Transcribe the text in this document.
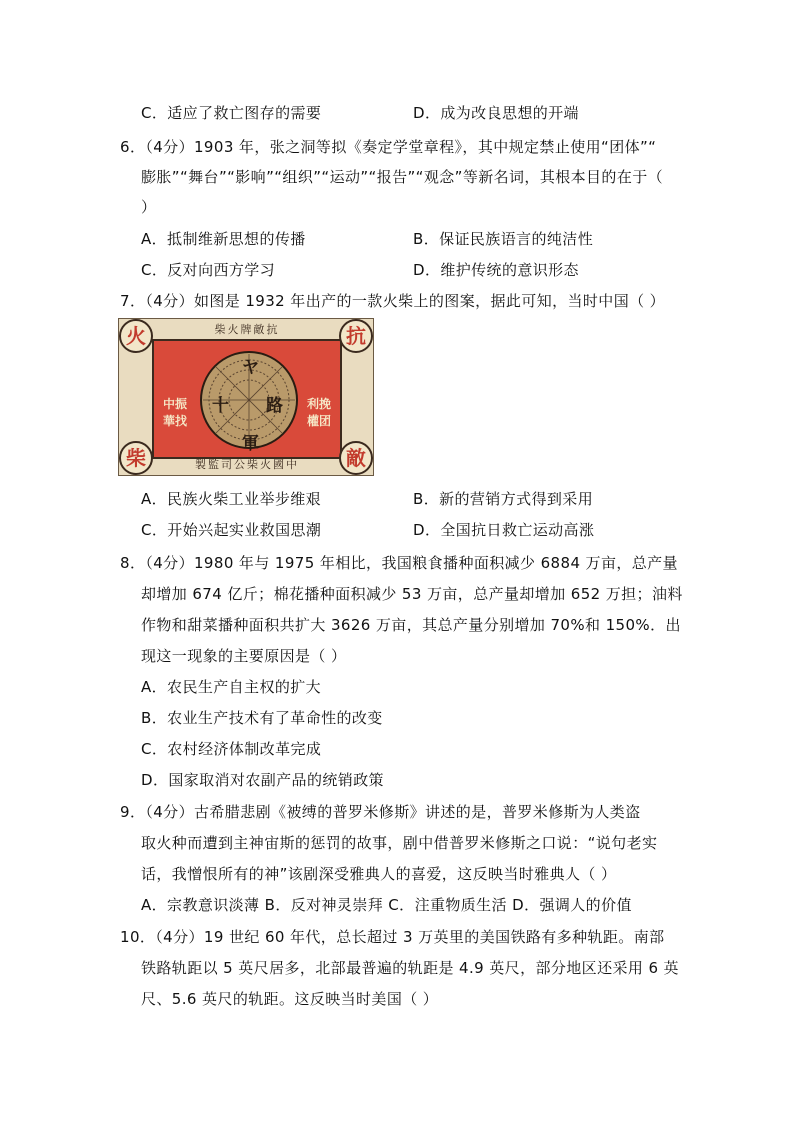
C．适应了救亡图存的需要	D．成为改良思想的开端
6．（4分）1903 年，张之洞等拟《奏定学堂章程》，其中规定禁止使用“团体”“
膨胀”“舞台”“影响”“组织”“运动”“报告”“观念”等新名词，其根本目的在于（
）
A．抵制维新思想的传播	B．保证民族语言的纯洁性
C．反对向西方学习	D．维护传统的意识形态
7．（4分）如图是 1932 年出产的一款火柴上的图案，据此可知，当时中国（ ）
柴火牌敵抗
中振
華找
利挽
權团
ヤ
十 路
軍
製監司公柴火國中
火	抗
柴	敵
A．民族火柴工业举步维艰	B．新的营销方式得到采用
C．开始兴起实业救国思潮	D．全国抗日救亡运动高涨
8．（4分）1980 年与 1975 年相比，我国粮食播种面积减少 6884 万亩，总产量
却增加 674 亿斤；棉花播种面积减少 53 万亩，总产量却增加 652 万担；油料
作物和甜菜播种面积共扩大 3626 万亩，其总产量分别增加 70%和 150%．出
现这一现象的主要原因是（ ）
A．农民生产自主权的扩大
B．农业生产技术有了革命性的改变
C．农村经济体制改革完成
D．国家取消对农副产品的统销政策
9．（4分）古希腊悲剧《被缚的普罗米修斯》讲述的是，普罗米修斯为人类盗
取火种而遭到主神宙斯的惩罚的故事，剧中借普罗米修斯之口说：“说句老实
话，我憎恨所有的神”该剧深受雅典人的喜爱，这反映当时雅典人（ ）
A．宗教意识淡薄 B．反对神灵崇拜 C．注重物质生活 D．强调人的价值
10．（4分）19 世纪 60 年代，总长超过 3 万英里的美国铁路有多种轨距。南部
铁路轨距以 5 英尺居多，北部最普遍的轨距是 4.9 英尺，部分地区还采用 6 英
尺、5.6 英尺的轨距。这反映当时美国（ ）
